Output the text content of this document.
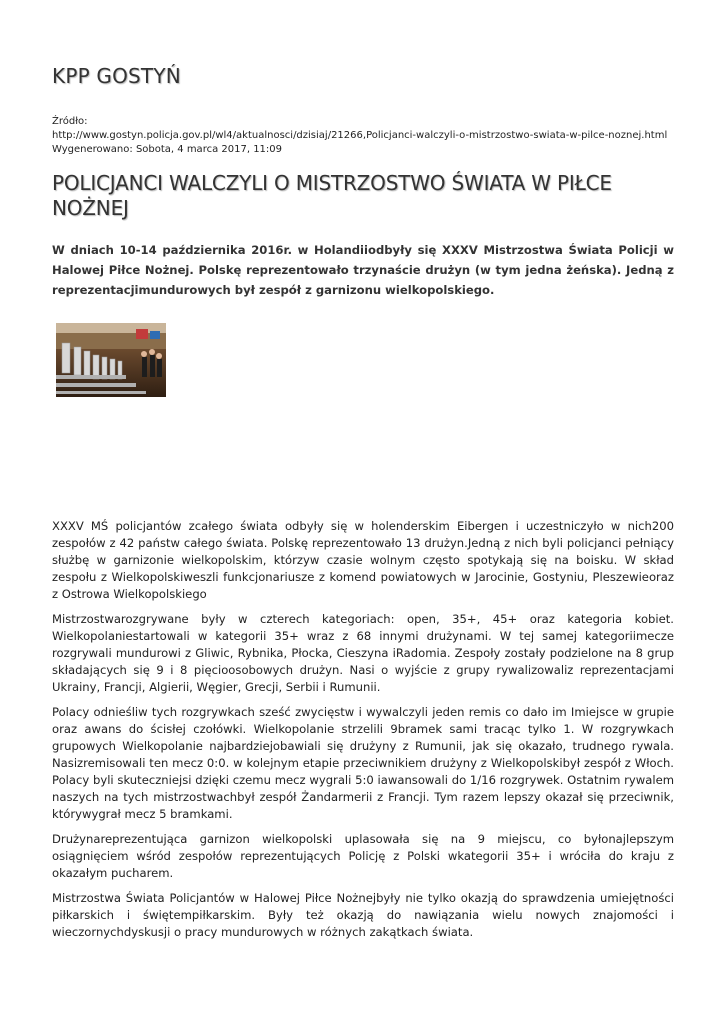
KPP GOSTYŃ
Źródło:
http://www.gostyn.policja.gov.pl/wl4/aktualnosci/dzisiaj/21266,Policjanci-walczyli-o-mistrzostwo-swiata-w-pilce-noznej.html
Wygenerowano: Sobota, 4 marca 2017, 11:09
POLICJANCI WALCZYLI O MISTRZOSTWO ŚWIATA W PIŁCE NOŻNEJ
W dniach 10-14 października 2016r. w Holandiiodbyły się XXXV Mistrzostwa Świata Policji w Halowej Piłce Nożnej. Polskę reprezentowało trzynaście drużyn (w tym jedna żeńska). Jedną z reprezentacjimundurowych był zespół z garnizonu wielkopolskiego.

XXXV MŚ policjantów zcałego świata odbyły się w holenderskim Eibergen i uczestniczyło w nich200 zespołów z 42 państw całego świata. Polskę reprezentowało 13 drużyn.Jedną z nich byli policjanci pełniący służbę w garnizonie wielkopolskim, którzyw czasie wolnym często spotykają się na boisku. W skład zespołu z Wielkopolskiweszli funkcjonariusze z komend powiatowych w Jarocinie, Gostyniu, Pleszewieoraz z Ostrowa Wielkopolskiego

Mistrzostwarozgrywane były w czterech kategoriach: open, 35+, 45+ oraz kategoria kobiet. Wielkopolaniestartowali w kategorii 35+ wraz z 68 innymi drużynami. W tej samej kategoriimecze rozgrywali mundurowi z Gliwic, Rybnika, Płocka, Cieszyna iRadomia. Zespoły zostały podzielone na 8 grup składających się 9 i 8 pięcioosobowych drużyn. Nasi o wyjście z grupy rywalizowaliz reprezentacjami Ukrainy, Francji, Algierii, Węgier, Grecji, Serbii i Rumunii.

Polacy odnieśliw tych rozgrywkach sześć zwycięstw i wywalczyli jeden remis co dało im Imiejsce w grupie oraz awans do ścisłej czołówki. Wielkopolanie strzelili 9bramek sami tracąc tylko 1. W rozgrywkach grupowych Wielkopolanie najbardziejobawiali się drużyny z Rumunii, jak się okazało, trudnego rywala. Nasizremisowali ten mecz 0:0. w kolejnym etapie przeciwnikiem drużyny z Wielkopolskibył zespół z Włoch. Polacy byli skuteczniejsi dzięki czemu mecz wygrali 5:0 iawansowali do 1/16 rozgrywek. Ostatnim rywalem naszych na tych mistrzostwachbył zespół Żandarmerii z Francji. Tym razem lepszy okazał się przeciwnik, którywygrał mecz 5 bramkami.

Drużynareprezentująca garnizon wielkopolski uplasowała się na 9 miejscu, co byłonajlepszym osiągnięciem wśród zespołów reprezentujących Policję z Polski wkategorii 35+ i wróciła do kraju z okazałym pucharem.

Mistrzostwa Świata Policjantów w Halowej Piłce Nożnejbyły nie tylko okazją do sprawdzenia umiejętności piłkarskich i świętempiłkarskim. Były też okazją do nawiązania wielu nowych znajomości i wieczornychdyskusji o pracy mundurowych w różnych zakątkach świata.
